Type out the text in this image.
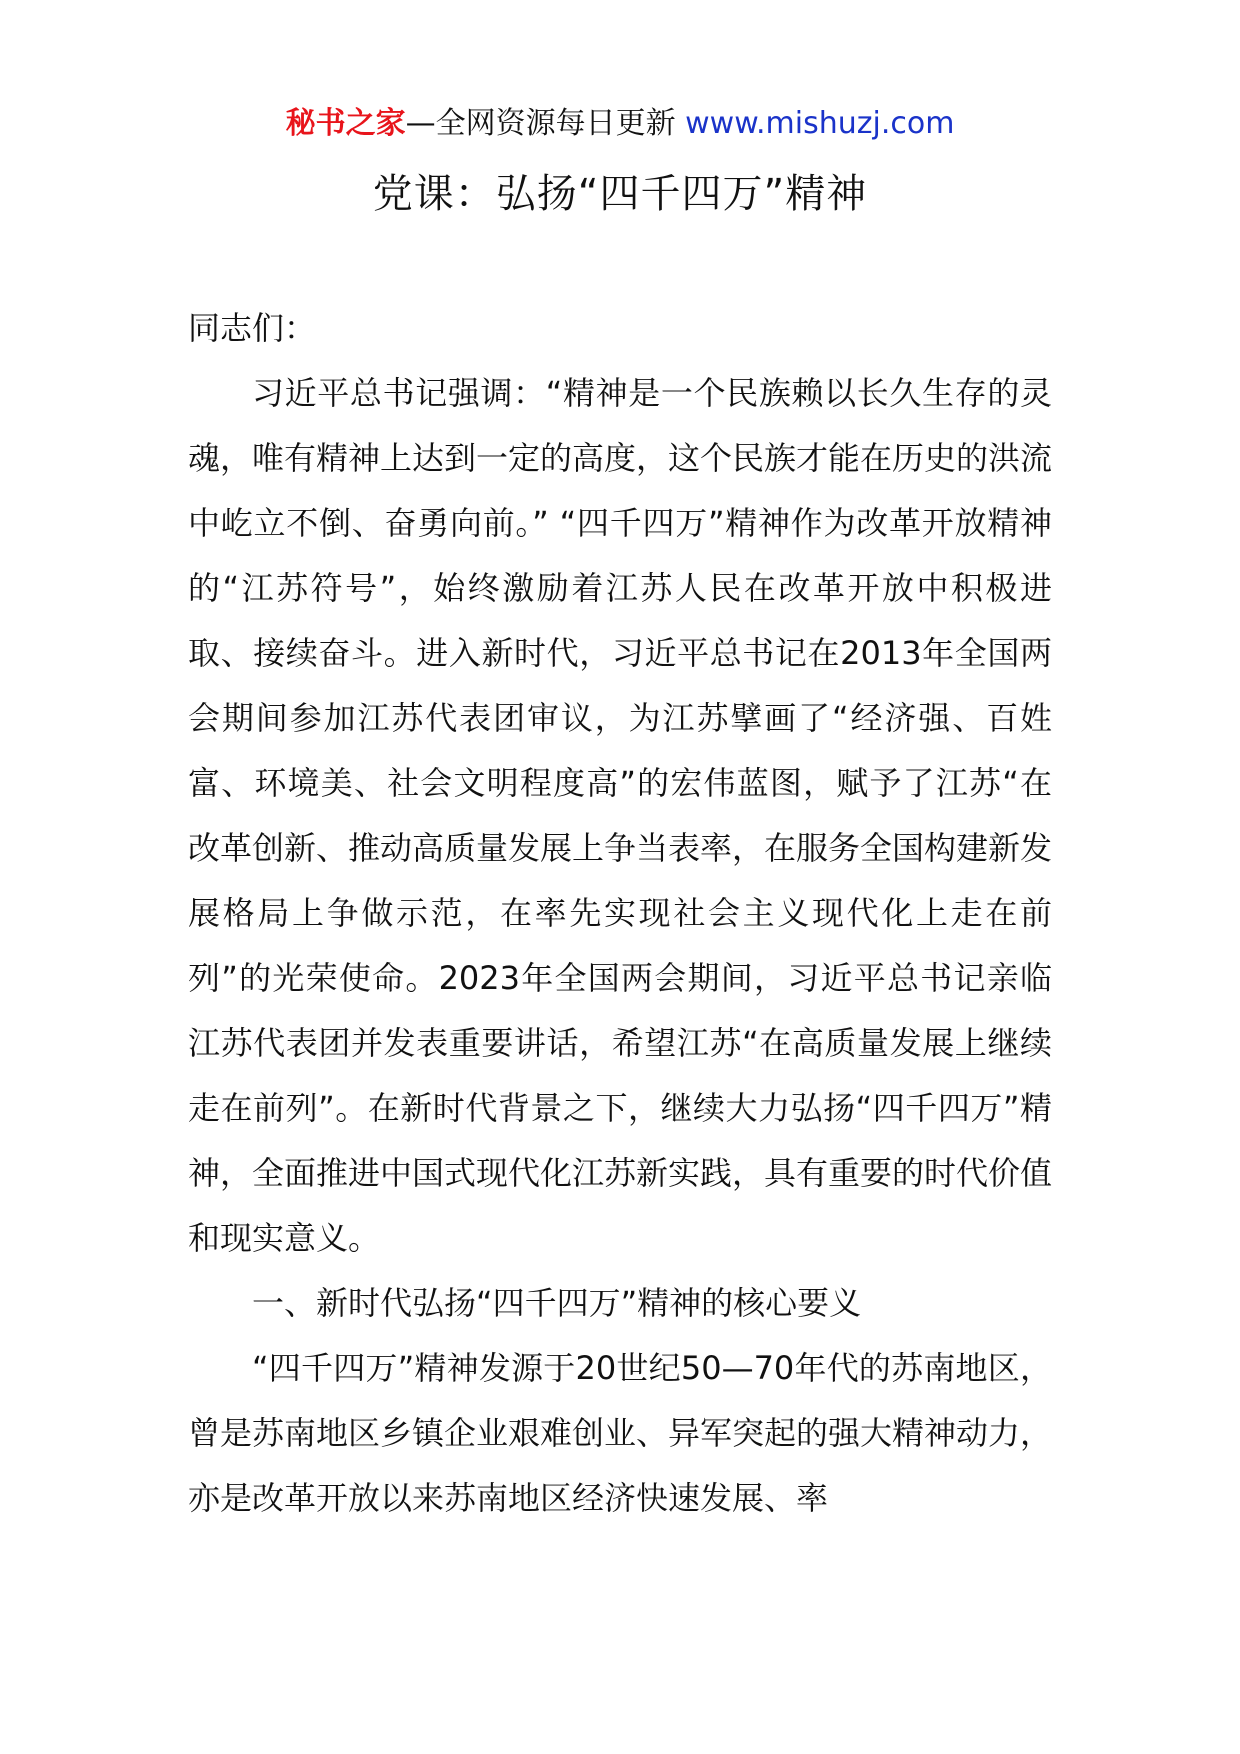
秘书之家—全网资源每日更新 www.mishuzj.com
党课：弘扬“四千四万”精神

同志们：

习近平总书记强调：“精神是一个民族赖以长久生存的灵魂，唯有精神上达到一定的高度，这个民族才能在历史的洪流中屹立不倒、奋勇向前。” “四千四万”精神作为改革开放精神的“江苏符号”，始终激励着江苏人民在改革开放中积极进取、接续奋斗。进入新时代，习近平总书记在2013年全国两会期间参加江苏代表团审议，为江苏擘画了“经济强、百姓富、环境美、社会文明程度高”的宏伟蓝图，赋予了江苏“在改革创新、推动高质量发展上争当表率，在服务全国构建新发展格局上争做示范，在率先实现社会主义现代化上走在前列”的光荣使命。2023年全国两会期间，习近平总书记亲临江苏代表团并发表重要讲话，希望江苏“在高质量发展上继续走在前列”。在新时代背景之下，继续大力弘扬“四千四万”精神，全面推进中国式现代化江苏新实践，具有重要的时代价值和现实意义。

一、新时代弘扬“四千四万”精神的核心要义

“四千四万”精神发源于20世纪50—70年代的苏南地区，曾是苏南地区乡镇企业艰难创业、异军突起的强大精神动力，亦是改革开放以来苏南地区经济快速发展、率
